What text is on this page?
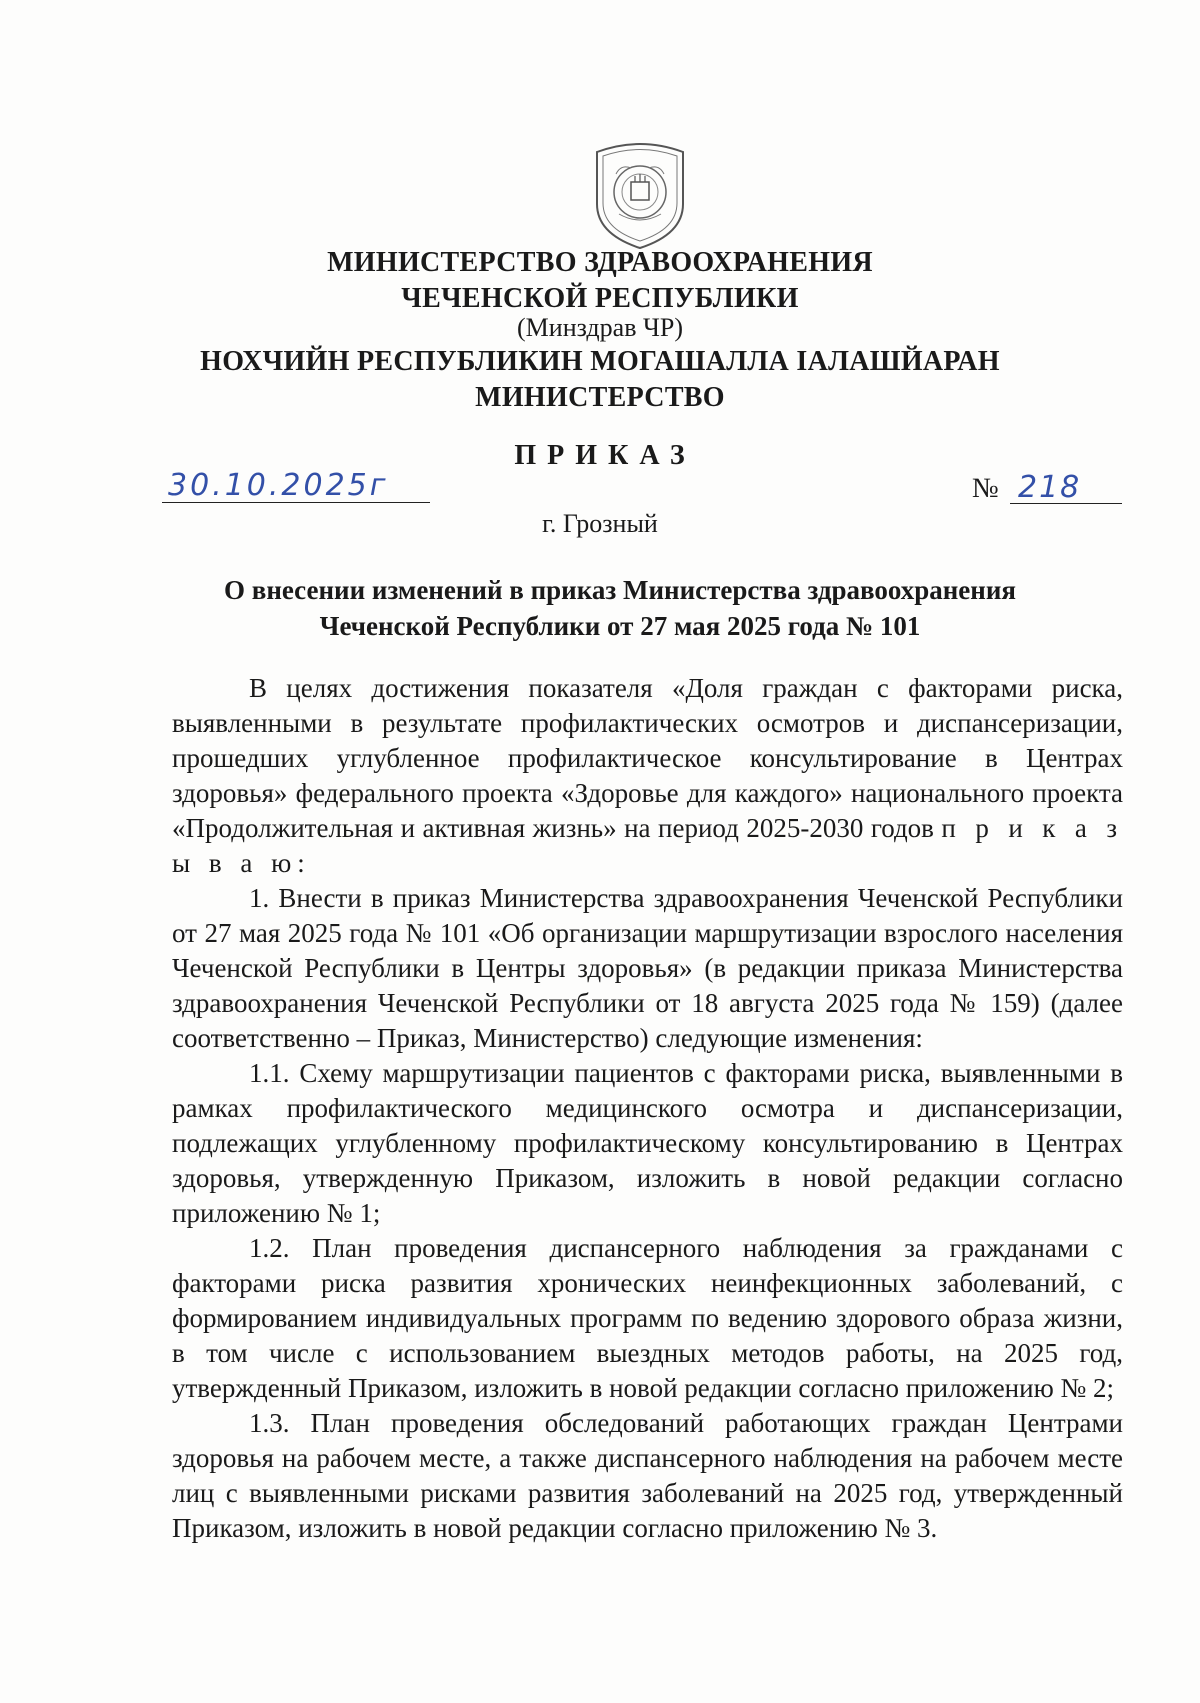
МИНИСТЕРСТВО ЗДРАВООХРАНЕНИЯ
ЧЕЧЕНСКОЙ РЕСПУБЛИКИ
(Минздрав ЧР)
НОХЧИЙН РЕСПУБЛИКИН МОГАШАЛЛА IАЛАШЙАРАН
МИНИСТЕРСТВО
ПРИКАЗ
30.10.2025г	№ 218
г. Грозный
О внесении изменений в приказ Министерства здравоохранения
Чеченской Республики от 27 мая 2025 года № 101

В целях достижения показателя «Доля граждан с факторами риска, выявленными в результате профилактических осмотров и диспансеризации, прошедших углубленное профилактическое консультирование в Центрах здоровья» федерального проекта «Здоровье для каждого» национального проекта «Продолжительная и активная жизнь» на период 2025-2030 годов п р и к а з ы в а ю:

1. Внести в приказ Министерства здравоохранения Чеченской Республики от 27 мая 2025 года № 101 «Об организации маршрутизации взрослого населения Чеченской Республики в Центры здоровья» (в редакции приказа Министерства здравоохранения Чеченской Республики от 18 августа 2025 года № 159) (далее соответственно – Приказ, Министерство) следующие изменения:

1.1. Схему маршрутизации пациентов с факторами риска, выявленными в рамках профилактического медицинского осмотра и диспансеризации, подлежащих углубленному профилактическому консультированию в Центрах здоровья, утвержденную Приказом, изложить в новой редакции согласно приложению № 1;

1.2. План проведения диспансерного наблюдения за гражданами с факторами риска развития хронических неинфекционных заболеваний, с формированием индивидуальных программ по ведению здорового образа жизни, в том числе с использованием выездных методов работы, на 2025 год, утвержденный Приказом, изложить в новой редакции согласно приложению № 2;

1.3. План проведения обследований работающих граждан Центрами здоровья на рабочем месте, а также диспансерного наблюдения на рабочем месте лиц с выявленными рисками развития заболеваний на 2025 год, утвержденный Приказом, изложить в новой редакции согласно приложению № 3.
